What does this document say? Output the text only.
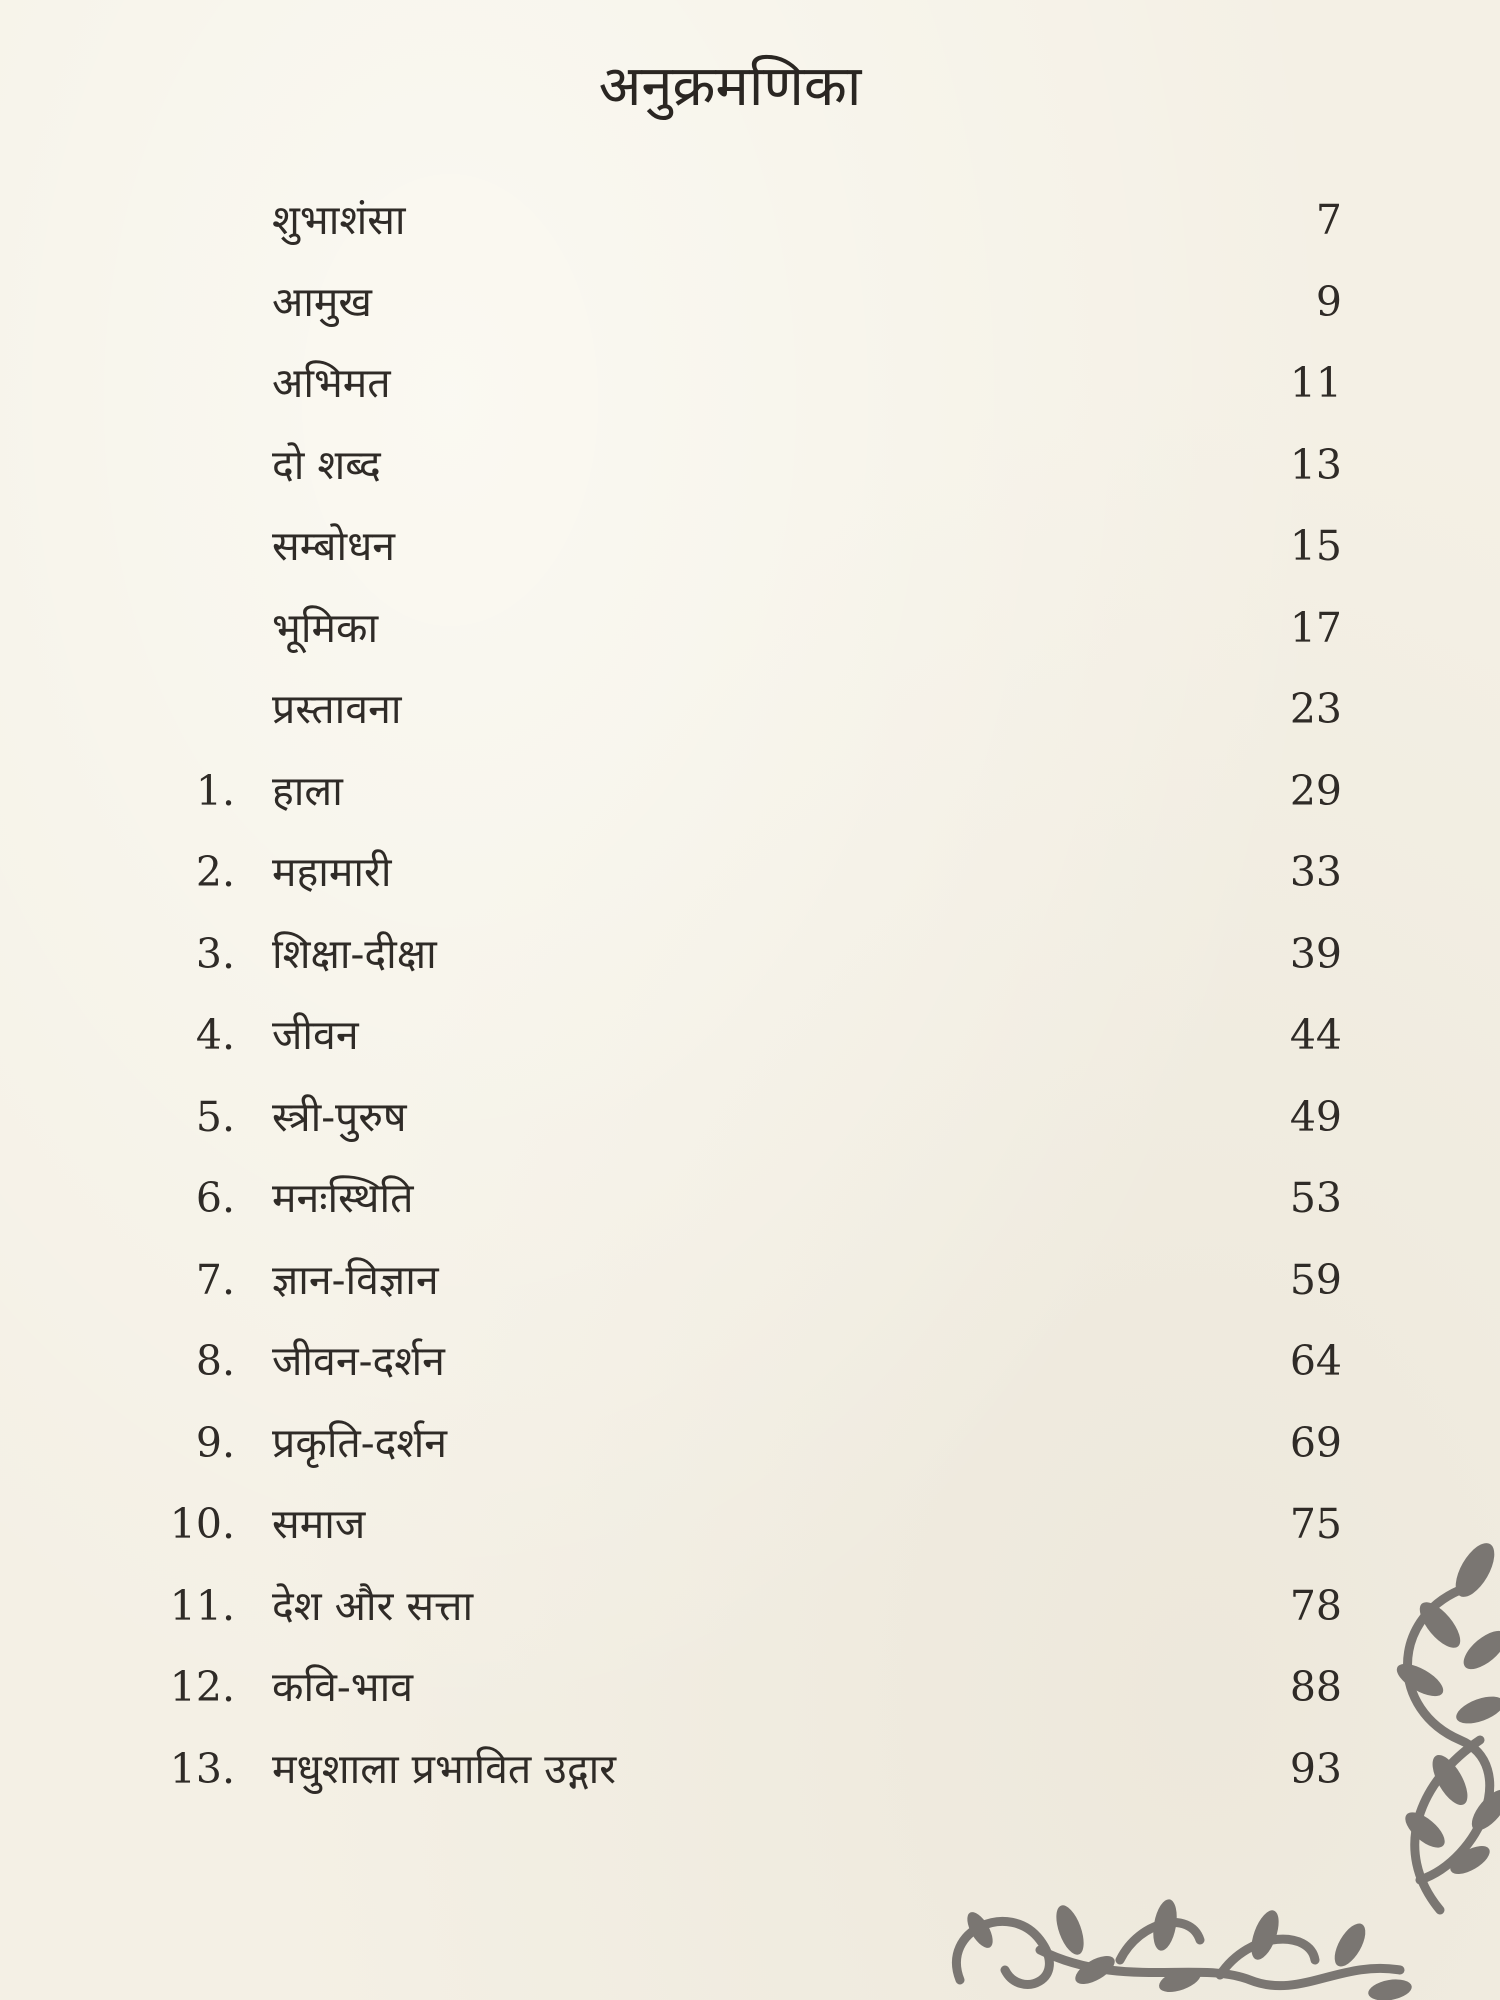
अनुक्रमणिका
शुभाशंसा	7
आमुख	9
अभिमत	11
दो शब्द	13
सम्बोधन	15
भूमिका	17
प्रस्तावना	23
1. हाला	29
2. महामारी	33
3. शिक्षा-दीक्षा	39
4. जीवन	44
5. स्त्री-पुरुष	49
6. मनःस्थिति	53
7. ज्ञान-विज्ञान	59
8. जीवन-दर्शन	64
9. प्रकृति-दर्शन	69
10. समाज	75
11. देश और सत्ता	78
12. कवि-भाव	88
13. मधुशाला प्रभावित उद्गार	93
